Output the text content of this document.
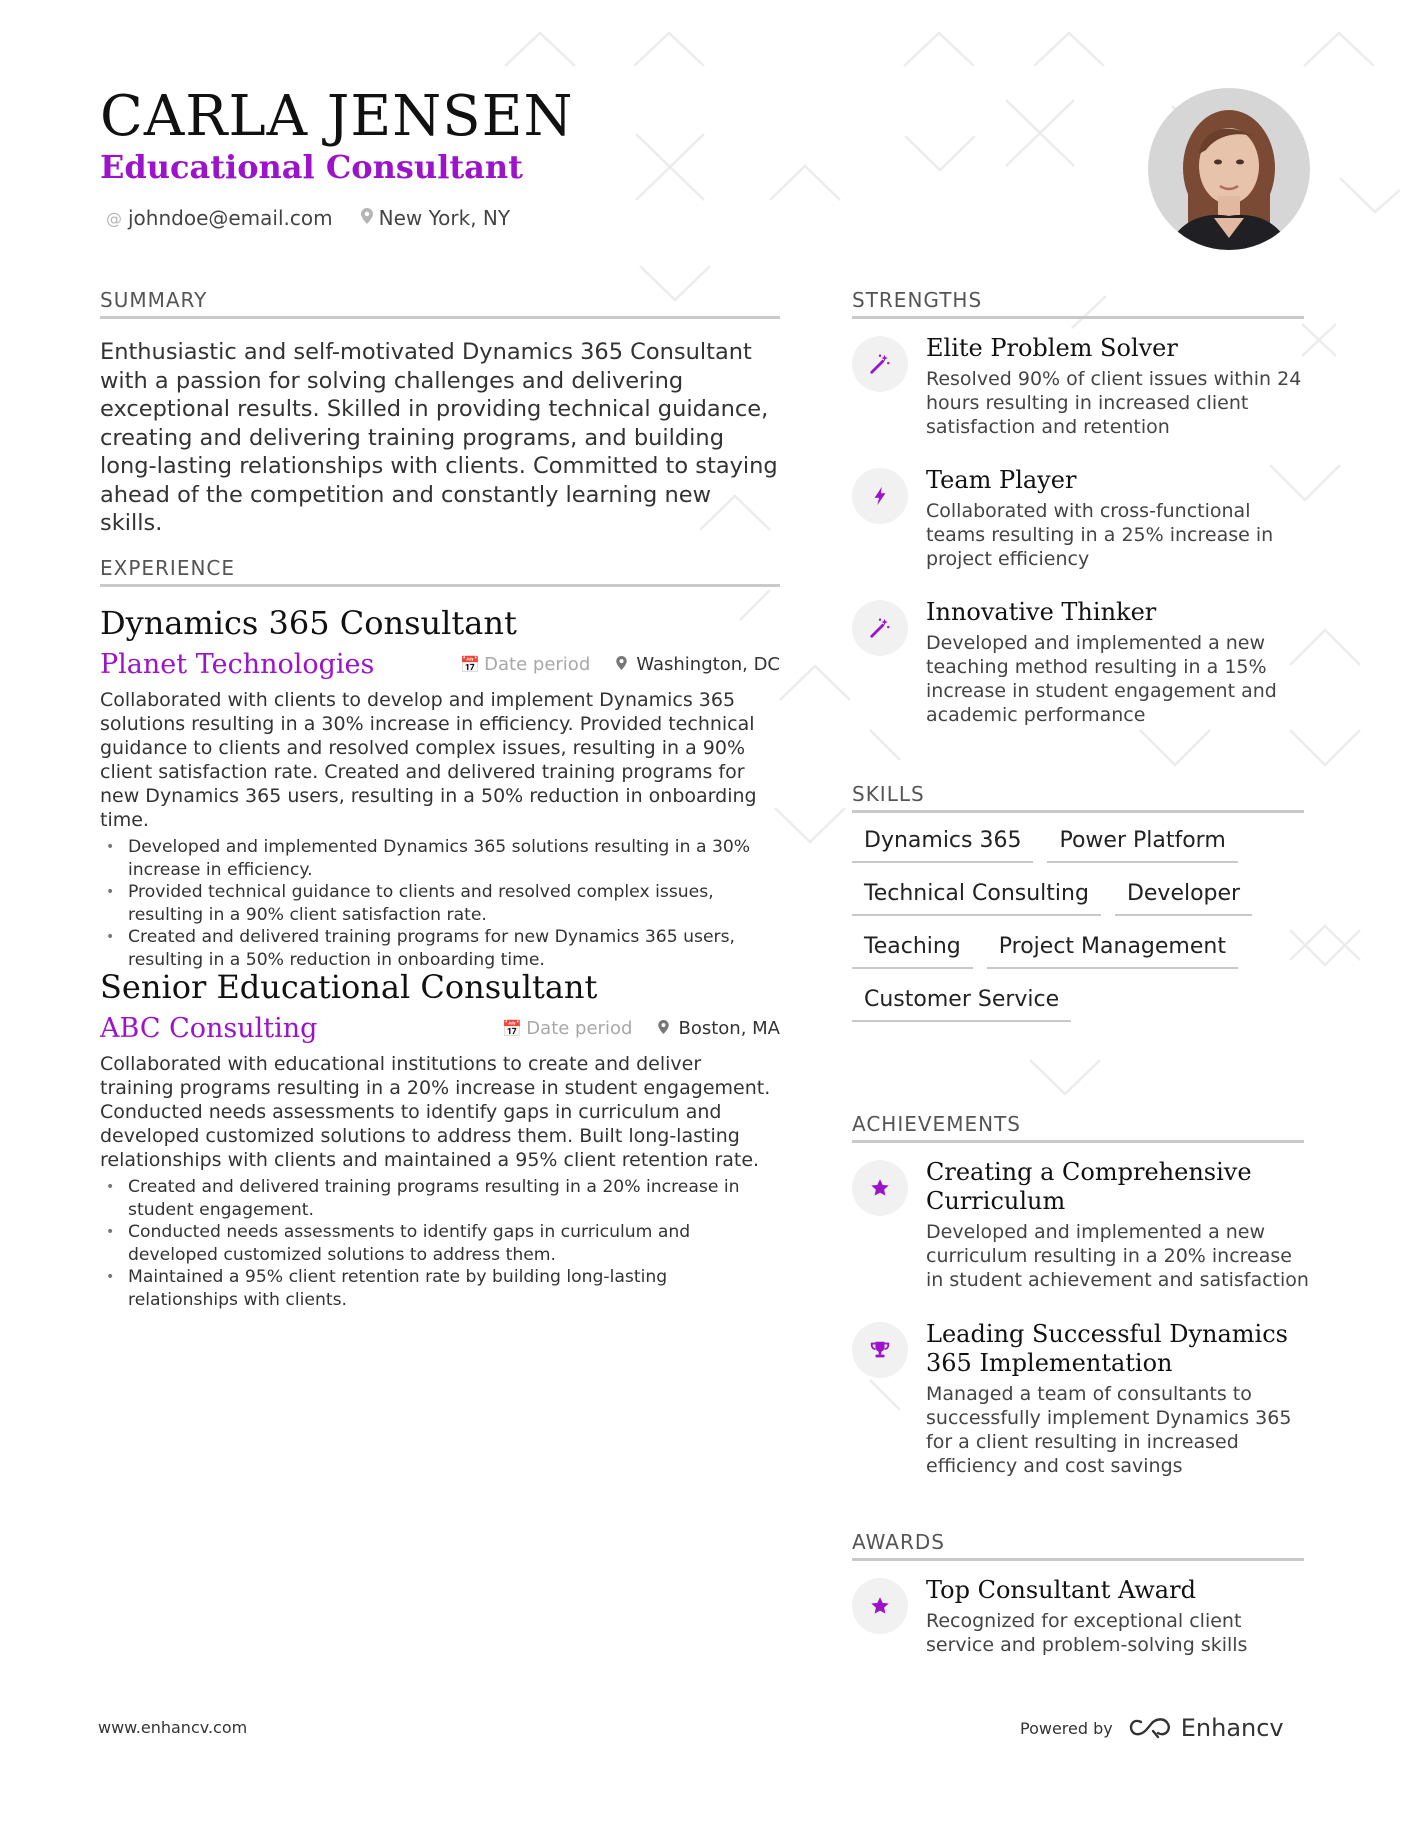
CARLA JENSEN
Educational Consultant
@ johndoe@email.com New York, NY
SUMMARY

Enthusiastic and self-motivated Dynamics 365 Consultant with a passion for solving challenges and delivering exceptional results. Skilled in providing technical guidance, creating and delivering training programs, and building long-lasting relationships with clients. Committed to staying ahead of the competition and constantly learning new skills.

EXPERIENCE
Dynamics 365 Consultant
Planet Technologies	📅 Date period	Washington, DC

Collaborated with clients to develop and implement Dynamics 365 solutions resulting in a 30% increase in efficiency. Provided technical guidance to clients and resolved complex issues, resulting in a 90% client satisfaction rate. Created and delivered training programs for new Dynamics 365 users, resulting in a 50% reduction in onboarding time.

• Developed and implemented Dynamics 365 solutions resulting in a 30% increase in efficiency.
• Provided technical guidance to clients and resolved complex issues, resulting in a 90% client satisfaction rate.
• Created and delivered training programs for new Dynamics 365 users, resulting in a 50% reduction in onboarding time.
Senior Educational Consultant
ABC Consulting	📅 Date period	Boston, MA

Collaborated with educational institutions to create and deliver training programs resulting in a 20% increase in student engagement. Conducted needs assessments to identify gaps in curriculum and developed customized solutions to address them. Built long-lasting relationships with clients and maintained a 95% client retention rate.

• Created and delivered training programs resulting in a 20% increase in student engagement.
• Conducted needs assessments to identify gaps in curriculum and developed customized solutions to address them.
• Maintained a 95% client retention rate by building long-lasting relationships with clients.
STRENGTHS
Elite Problem Solver

Resolved 90% of client issues within 24 hours resulting in increased client satisfaction and retention

Team Player

Collaborated with cross-functional teams resulting in a 25% increase in project efficiency

Innovative Thinker

Developed and implemented a new teaching method resulting in a 15% increase in student engagement and academic performance

SKILLS
Dynamics 365	Power Platform
Technical Consulting	Developer
Teaching	Project Management
Customer Service
ACHIEVEMENTS
Creating a Comprehensive Curriculum

Developed and implemented a new curriculum resulting in a 20% increase in student achievement and satisfaction

Leading Successful Dynamics 365 Implementation

Managed a team of consultants to successfully implement Dynamics 365 for a client resulting in increased efficiency and cost savings

AWARDS
Top Consultant Award

Recognized for exceptional client service and problem-solving skills

www.enhancv.com	Powered by	Enhancv
